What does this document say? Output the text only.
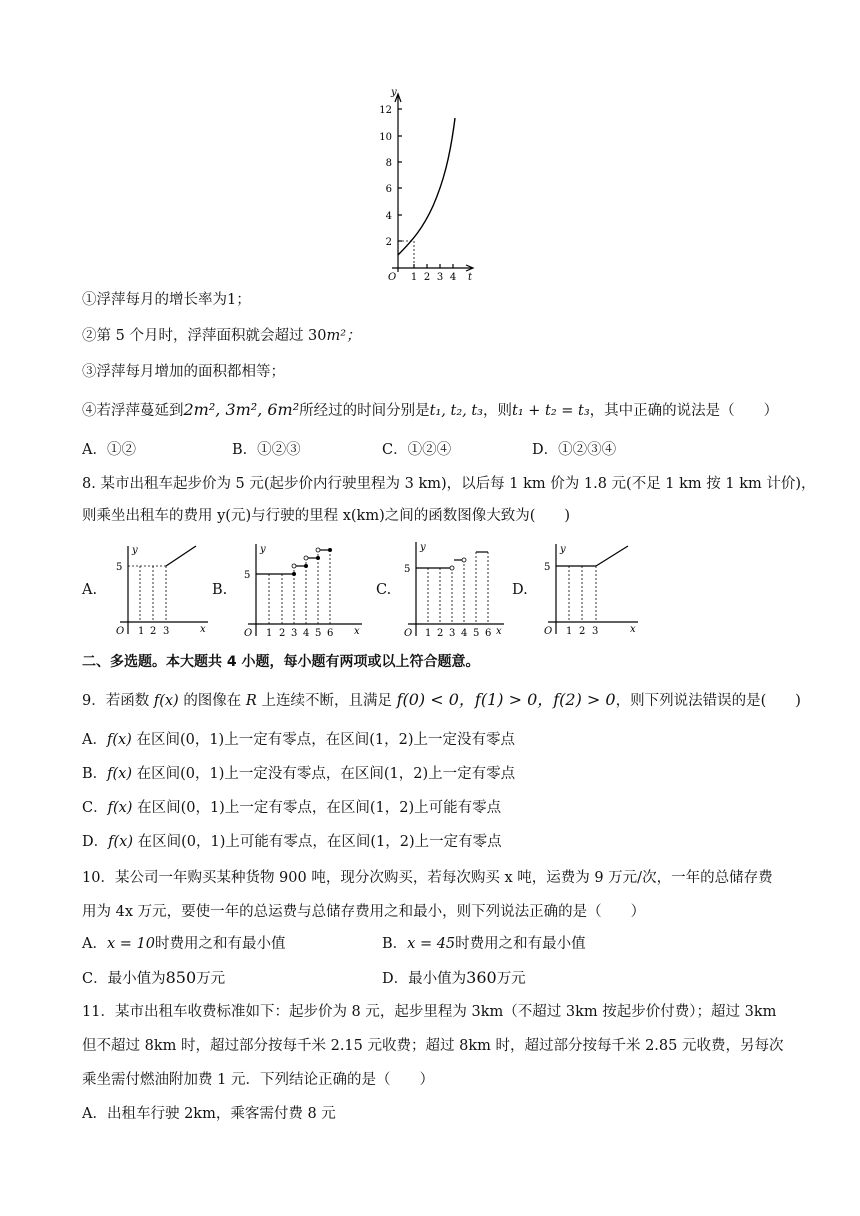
y
t
O
2
4
6
8
10
12
1 2 3 4
①浮萍每月的增长率为1；
②第 5 个月时，浮萍面积就会超过 30m²；
③浮萍每月增加的面积都相等；
④若浮萍蔓延到2m², 3m², 6m²所经过的时间分别是t₁, t₂, t₃，则t₁ + t₂ = t₃，其中正确的说法是（　　）
A．①②	B．①②③	C．①②④	D．①②③④
8. 某市出租车起步价为 5 元(起步价内行驶里程为 3 km)，以后每 1 km 价为 1.8 元(不足 1 km 按 1 km 计价)，
则乘坐出租车的费用 y(元)与行驶的里程 x(km)之间的函数图像大致为(　　)
A.	B.	C.	D.
y
x
O
5
1 2 3
y
x
O
5
1 2 3 4 5 6
y
x
O
5
1 2 3 4 5 6
y
x
O
5
1 2 3
二、多选题。本大题共 4 小题，每小题有两项或以上符合题意。
9．若函数 f(x) 的图像在 R 上连续不断，且满足 f(0) < 0，f(1) > 0，f(2) > 0，则下列说法错误的是(　　)
A．f(x) 在区间(0，1)上一定有零点，在区间(1，2)上一定没有零点
B．f(x) 在区间(0，1)上一定没有零点，在区间(1，2)上一定有零点
C．f(x) 在区间(0，1)上一定有零点，在区间(1，2)上可能有零点
D．f(x) 在区间(0，1)上可能有零点，在区间(1，2)上一定有零点
10．某公司一年购买某种货物 900 吨，现分次购买，若每次购买 x 吨，运费为 9 万元/次，一年的总储存费
用为 4x 万元，要使一年的总运费与总储存费用之和最小，则下列说法正确的是（　　）
A．x = 10时费用之和有最小值	B．x = 45时费用之和有最小值
C．最小值为850万元	D．最小值为360万元
11．某市出租车收费标准如下：起步价为 8 元，起步里程为 3km（不超过 3km 按起步价付费）；超过 3km
但不超过 8km 时，超过部分按每千米 2.15 元收费；超过 8km 时，超过部分按每千米 2.85 元收费，另每次
乘坐需付燃油附加费 1 元．下列结论正确的是（　　）
A．出租车行驶 2km，乘客需付费 8 元
